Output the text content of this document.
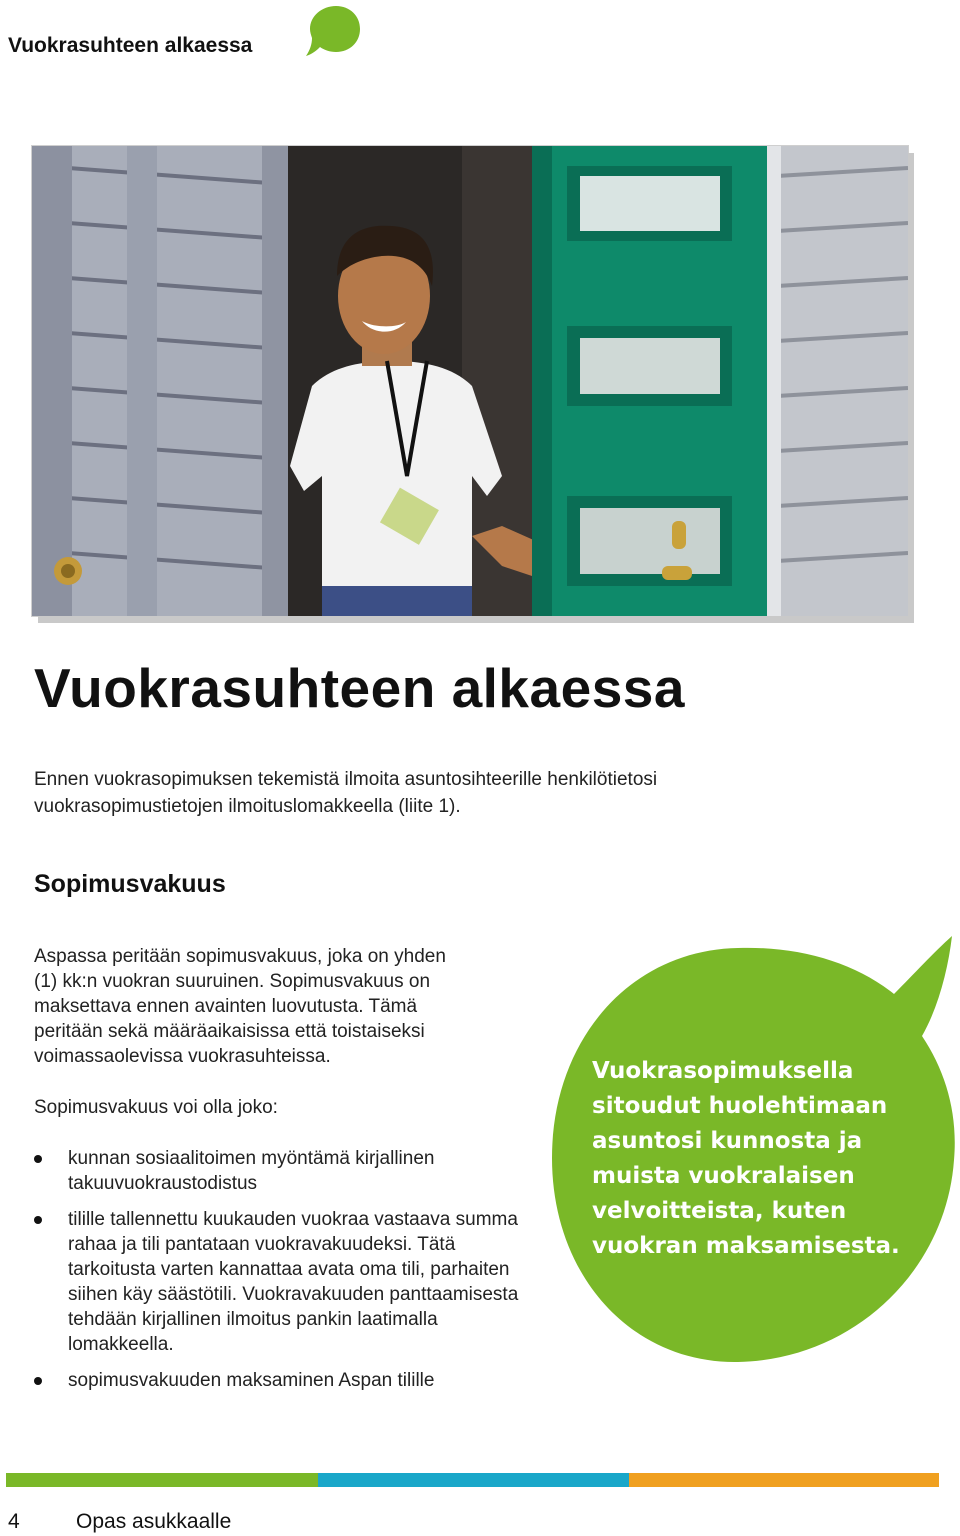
Vuokrasuhteen alkaessa
Vuokrasuhteen alkaessa
Ennen vuokrasopimuksen tekemistä ilmoita asuntosihteerille henkilötietosi vuokrasopimustietojen ilmoituslomakkeella (liite 1).
Sopimusvakuus
Aspassa peritään sopimusvakuus, joka on yhden (1) kk:n vuokran suuruinen. Sopimusvakuus on maksettava ennen avainten luovutusta. Tämä peritään sekä määräaikaisissa että toistaiseksi voimassaolevissa vuokrasuhteissa.
Sopimusvakuus voi olla joko:
kunnan sosiaalitoimen myöntämä kirjallinen takuuvuokraustodistus
tilille tallennettu kuukauden vuokraa vastaava summa rahaa ja tili pantataan vuokravakuudeksi. Tätä tarkoitusta varten kannattaa avata oma tili, parhaiten siihen käy säästötili. Vuokravakuuden panttaamisesta tehdään kirjallinen ilmoitus pankin laatimalla lomakkeella.
sopimusvakuuden maksaminen Aspan tilille
Vuokrasopimuksella sitoudut huolehtimaan asuntosi kunnosta ja muista vuokralaisen velvoitteista, kuten vuokran maksamisesta.
4	Opas asukkaalle
